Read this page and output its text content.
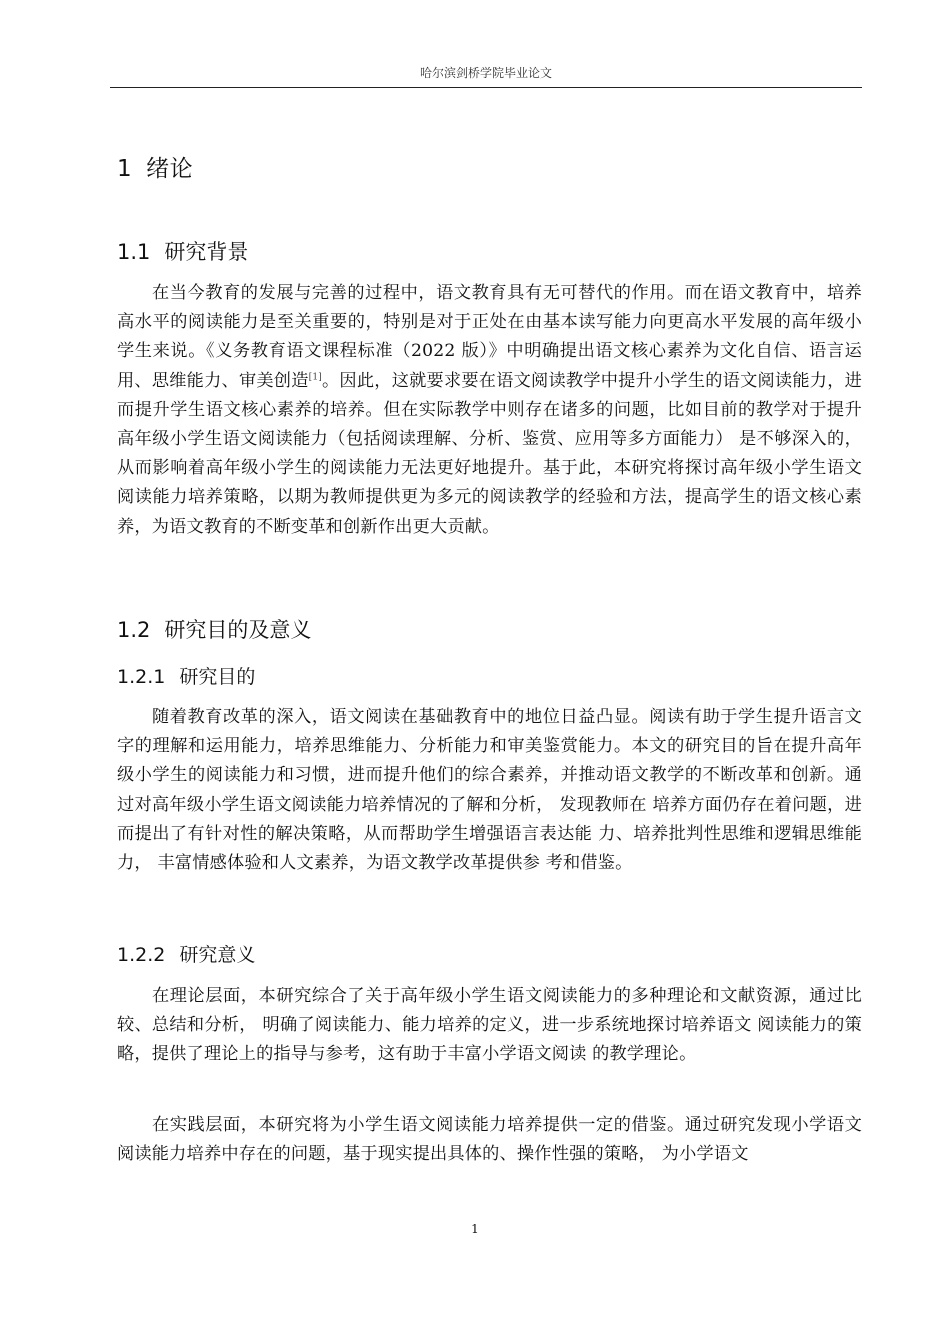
哈尔滨剑桥学院毕业论文
1 绪论
1.1 研究背景
在当今教育的发展与完善的过程中，语文教育具有无可替代的作用。而在语文教育中，培养高水平的阅读能力是至关重要的，特别是对于正处在由基本读写能力向更高水平发展的高年级小学生来说。《义务教育语文课程标准（2022 版）》中明确提出语文核心素养为文化自信、语言运用、思维能力、审美创造[1]。因此，这就要求要在语文阅读教学中提升小学生的语文阅读能力，进而提升学生语文核心素养的培养。但在实际教学中则存在诸多的问题，比如目前的教学对于提升高年级小学生语文阅读能力（包括阅读理解、分析、鉴赏、应用等多方面能力） 是不够深入的，从而影响着高年级小学生的阅读能力无法更好地提升。基于此，本研究将探讨高年级小学生语文阅读能力培养策略，以期为教师提供更为多元的阅读教学的经验和方法，提高学生的语文核心素养，为语文教育的不断变革和创新作出更大贡献。
1.2 研究目的及意义
1.2.1 研究目的
随着教育改革的深入，语文阅读在基础教育中的地位日益凸显。阅读有助于学生提升语言文字的理解和运用能力，培养思维能力、分析能力和审美鉴赏能力。本文的研究目的旨在提升高年级小学生的阅读能力和习惯，进而提升他们的综合素养，并推动语文教学的不断改革和创新。通过对高年级小学生语文阅读能力培养情况的了解和分析， 发现教师在 培养方面仍存在着问题，进而提出了有针对性的解决策略，从而帮助学生增强语言表达能 力、培养批判性思维和逻辑思维能力， 丰富情感体验和人文素养，为语文教学改革提供参 考和借鉴。
1.2.2 研究意义
在理论层面，本研究综合了关于高年级小学生语文阅读能力的多种理论和文献资源，通过比较、总结和分析， 明确了阅读能力、能力培养的定义，进一步系统地探讨培养语文 阅读能力的策略，提供了理论上的指导与参考，这有助于丰富小学语文阅读 的教学理论。
在实践层面，本研究将为小学生语文阅读能力培养提供一定的借鉴。通过研究发现小学语文阅读能力培养中存在的问题，基于现实提出具体的、操作性强的策略， 为小学语文
1
